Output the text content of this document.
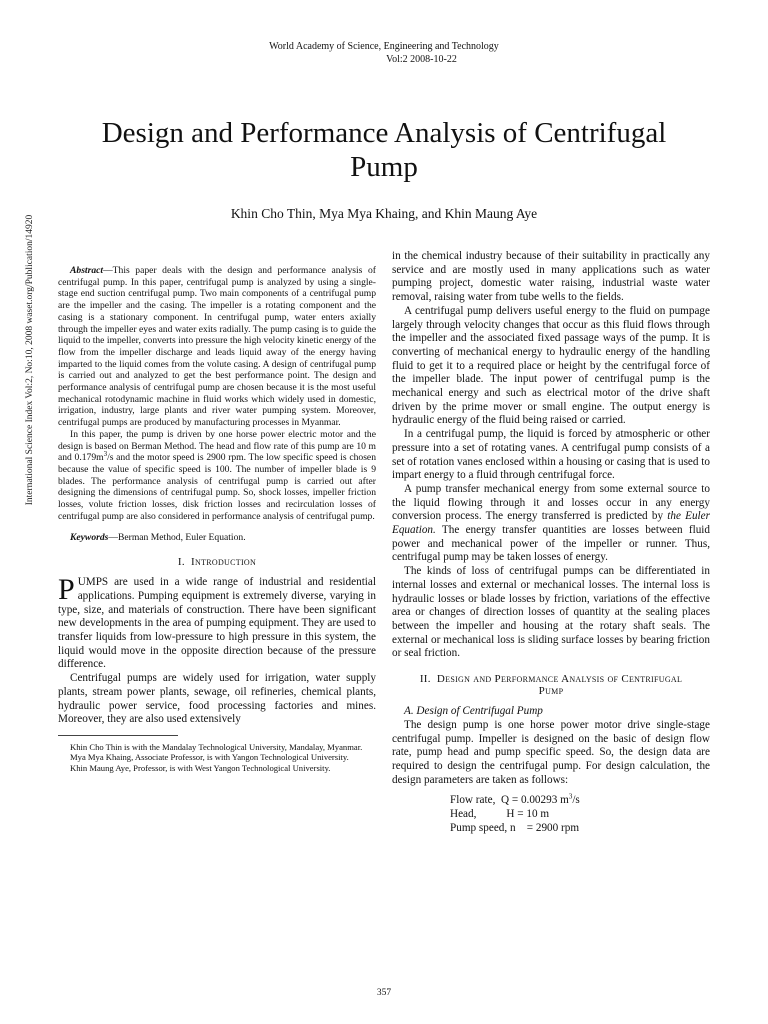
International Science Index Vol:2, No:10, 2008 waset.org/Publication/14920
World Academy of Science, Engineering and Technology
Vol:2 2008-10-22
Design and Performance Analysis of Centrifugal Pump
Khin Cho Thin, Mya Mya Khaing, and Khin Maung Aye

Abstract—This paper deals with the design and performance analysis of centrifugal pump. In this paper, centrifugal pump is analyzed by using a single-stage end suction centrifugal pump. Two main components of a centrifugal pump are the impeller and the casing. The impeller is a rotating component and the casing is a stationary component. In centrifugal pump, water enters axially through the impeller eyes and water exits radially. The pump casing is to guide the liquid to the impeller, converts into pressure the high velocity kinetic energy of the flow from the impeller discharge and leads liquid away of the energy having imparted to the liquid comes from the volute casing. A design of centrifugal pump is carried out and analyzed to get the best performance point. The design and performance analysis of centrifugal pump are chosen because it is the most useful mechanical rotodynamic machine in fluid works which widely used in domestic, irrigation, industry, large plants and river water pumping system. Moreover, centrifugal pumps are produced by manufacturing processes in Myanmar.

In this paper, the pump is driven by one horse power electric motor and the design is based on Berman Method. The head and flow rate of this pump are 10 m and $0.179m^3/s$ and the motor speed is 2900 rpm. The low specific speed is chosen because the value of specific speed is 100. The number of impeller blade is 9 blades. The performance analysis of centrifugal pump is carried out after designing the dimensions of centrifugal pump. So, shock losses, impeller friction losses, volute friction losses, disk friction losses and recirculation losses of centrifugal pump are also considered in performance analysis of centrifugal pump.

Keywords—Berman Method, Euler Equation.

I. Introduction

PUMPS are used in a wide range of industrial and residential applications. Pumping equipment is extremely diverse, varying in type, size, and materials of construction. There have been significant new developments in the area of pumping equipment. They are used to transfer liquids from low-pressure to high pressure in this system, the liquid would move in the opposite direction because of the pressure difference.

Centrifugal pumps are widely used for irrigation, water supply plants, stream power plants, sewage, oil refineries, chemical plants, hydraulic power service, food processing factories and mines. Moreover, they are also used extensively

Khin Cho Thin is with the Mandalay Technological University, Mandalay, Myanmar.

Mya Mya Khaing, Associate Professor, is with Yangon Technological University.

Khin Maung Aye, Professor, is with West Yangon Technological University.

in the chemical industry because of their suitability in practically any service and are mostly used in many applications such as water pumping project, domestic water raising, industrial waste water removal, raising water from tube wells to the fields.

A centrifugal pump delivers useful energy to the fluid on pumpage largely through velocity changes that occur as this fluid flows through the impeller and the associated fixed passage ways of the pump. It is converting of mechanical energy to hydraulic energy of the handling fluid to get it to a required place or height by the centrifugal force of the impeller blade. The input power of centrifugal pump is the mechanical energy and such as electrical motor of the drive shaft driven by the prime mover or small engine. The output energy is hydraulic energy of the fluid being raised or carried.

In a centrifugal pump, the liquid is forced by atmospheric or other pressure into a set of rotating vanes. A centrifugal pump consists of a set of rotation vanes enclosed within a housing or casing that is used to impart energy to a fluid through centrifugal force.

A pump transfer mechanical energy from some external source to the liquid flowing through it and losses occur in any energy conversion process. The energy transferred is predicted by the Euler Equation. The energy transfer quantities are losses between fluid power and mechanical power of the impeller or runner. Thus, centrifugal pump may be taken losses of energy.

The kinds of loss of centrifugal pumps can be differentiated in internal losses and external or mechanical losses. The internal loss is hydraulic losses or blade losses by friction, variations of the effective area or changes of direction losses of quantity at the sealing places between the impeller and housing at the rotary shaft seals. The external or mechanical loss is sliding surface losses by bearing friction or seal friction.

II. Design and Performance Analysis of Centrifugal
Pump

A. Design of Centrifugal Pump

The design pump is one horse power motor drive single-stage centrifugal pump. Impeller is designed on the basic of design flow rate, pump head and pump specific speed. So, the design data are required to design the centrifugal pump. For design calculation, the design parameters are taken as follows:

Flow rate, Q = 0.00293 $m^3/s$
Head,	H = 10 m
Pump speed, n = 2900 rpm
357
